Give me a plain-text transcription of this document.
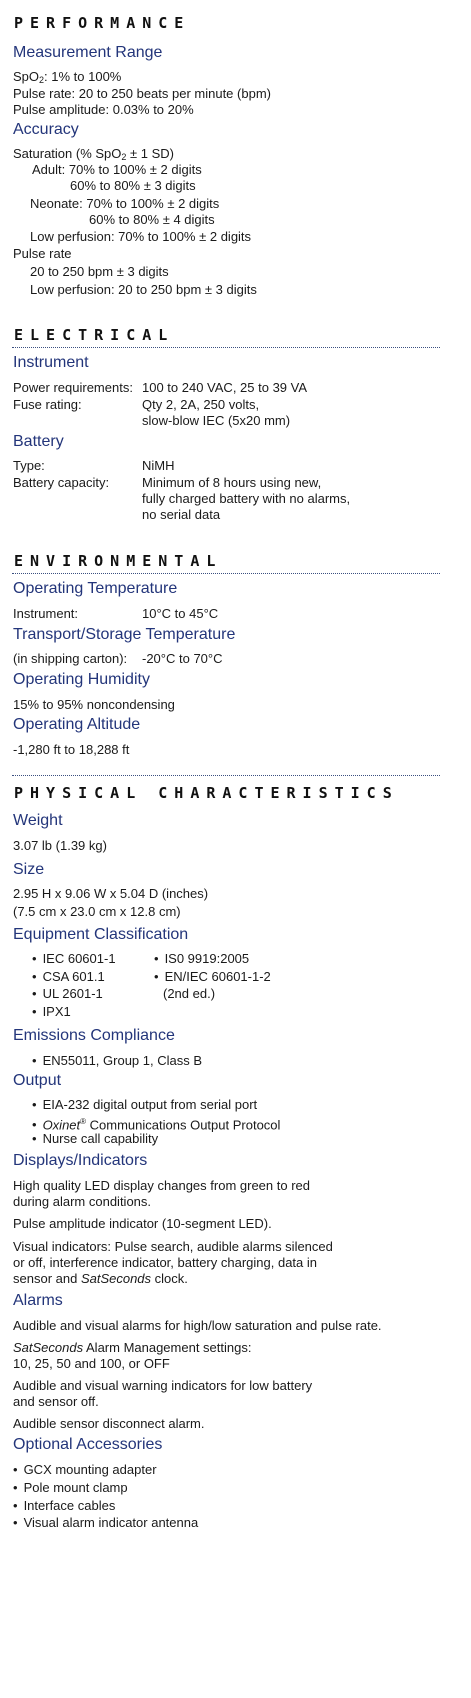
PERFORMANCE
Measurement Range
SpO$_2$: 1% to 100%
Pulse rate: 20 to 250 beats per minute (bpm)
Pulse amplitude: 0.03% to 20%
Accuracy
Saturation (% SpO$_2$ ± 1 SD)
Adult: 70% to 100% ± 2 digits
60% to 80% ± 3 digits
Neonate: 70% to 100% ± 2 digits
60% to 80% ± 4 digits
Low perfusion: 70% to 100% ± 2 digits
Pulse rate
20 to 250 bpm ± 3 digits
Low perfusion: 20 to 250 bpm ± 3 digits
ELECTRICAL
Instrument
Power requirements: 100 to 240 VAC, 25 to 39 VA
Fuse rating:	Qty 2, 2A, 250 volts,
slow-blow IEC (5x20 mm)
Battery
Type:	NiMH
Battery capacity:	Minimum of 8 hours using new,
fully charged battery with no alarms,
no serial data
ENVIRONMENTAL
Operating Temperature
Instrument:	10°C to 45°C
Transport/Storage Temperature
(in shipping carton): -20°C to 70°C
Operating Humidity
15% to 95% noncondensing
Operating Altitude
-1,280 ft to 18,288 ft
PHYSICAL CHARACTERISTICS
Weight
3.07 lb (1.39 kg)
Size
2.95 H x 9.06 W x 5.04 D (inches)
(7.5 cm x 23.0 cm x 12.8 cm)
Equipment Classification
• IEC 60601-1
• CSA 601.1
• UL 2601-1
• IPX1
• IS0 9919:2005
• EN/IEC 60601-1-2
(2nd ed.)
Emissions Compliance
• EN55011, Group 1, Class B
Output
• EIA-232 digital output from serial port
• Oxinet® Communications Output Protocol
• Nurse call capability
Displays/Indicators
High quality LED display changes from green to red
during alarm conditions.
Pulse amplitude indicator (10-segment LED).
Visual indicators: Pulse search, audible alarms silenced
or off, interference indicator, battery charging, data in
sensor and SatSeconds clock.
Alarms
Audible and visual alarms for high/low saturation and pulse rate.
SatSeconds Alarm Management settings:
10, 25, 50 and 100, or OFF
Audible and visual warning indicators for low battery
and sensor off.
Audible sensor disconnect alarm.
Optional Accessories
• GCX mounting adapter
• Pole mount clamp
• Interface cables
• Visual alarm indicator antenna
